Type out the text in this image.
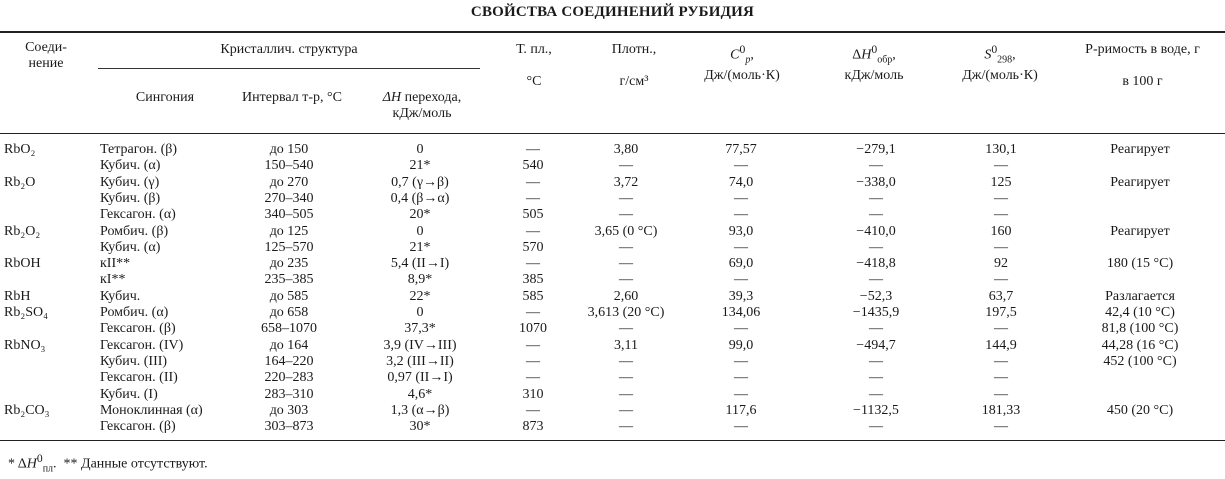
СВОЙСТВА СОЕДИНЕНИЙ РУБИДИЯ
Соеди-
нение
Кристаллич. структура
Сингония	Интервал т-р, °C	ΔH перехода,
кДж/моль
Т. пл.,

°C
Плотн.,

г/см³
$C^0_p$,
Дж/(моль·К)
$\Delta H^0_{обр}$,
кДж/моль
$S^0_{298}$,
Дж/(моль·К)
Р-римость в воде, г

в 100 г
RbO₂	Тетрагон. (β)	до 150	0	—	3,80	77,57	−279,1	130,1	Реагирует
Кубич. (α)	150–540	21*	540	—	—	—	—
Rb₂O	Кубич. (γ)	до 270	0,7 (γ→β)	—	3,72	74,0	−338,0	125	Реагирует
Кубич. (β)	270–340	0,4 (β→α)	—	—	—	—	—
Гексагон. (α)	340–505	20*	505	—	—	—	—
Rb₂O₂	Ромбич. (β)	до 125	0	—	3,65 (0 °C)	93,0	−410,0	160	Реагирует
Кубич. (α)	125–570	21*	570	—	—	—	—
RbOH	кII**	до 235	5,4 (II→I)	—	—	69,0	−418,8	92	180 (15 °C)
кI**	235–385	8,9*	385	—	—	—	—
RbH	Кубич.	до 585	22*	585	2,60	39,3	−52,3	63,7	Разлагается
Rb₂SO₄	Ромбич. (α)	до 658	0	—	3,613 (20 °C)	134,06	−1435,9	197,5	42,4 (10 °C)
Гексагон. (β)	658–1070	37,3*	1070	—	—	—	—	81,8 (100 °C)
RbNO₃	Гексагон. (IV)	до 164	3,9 (IV→III)	—	3,11	99,0	−494,7	144,9	44,28 (16 °C)
Кубич. (III)	164–220	3,2 (III→II)	—	—	—	—	—	452 (100 °C)
Гексагон. (II)	220–283	0,97 (II→I)	—	—	—	—	—
Кубич. (I)	283–310	4,6*	310	—	—	—	—
Rb₂CO₃	Моноклинная (α)	до 303	1,3 (α→β)	—	—	117,6	−1132,5	181,33	450 (20 °C)
Гексагон. (β)	303–873	30*	873	—	—	—	—
* $\Delta H^0_{пл}$.  ** Данные отсутствуют.
